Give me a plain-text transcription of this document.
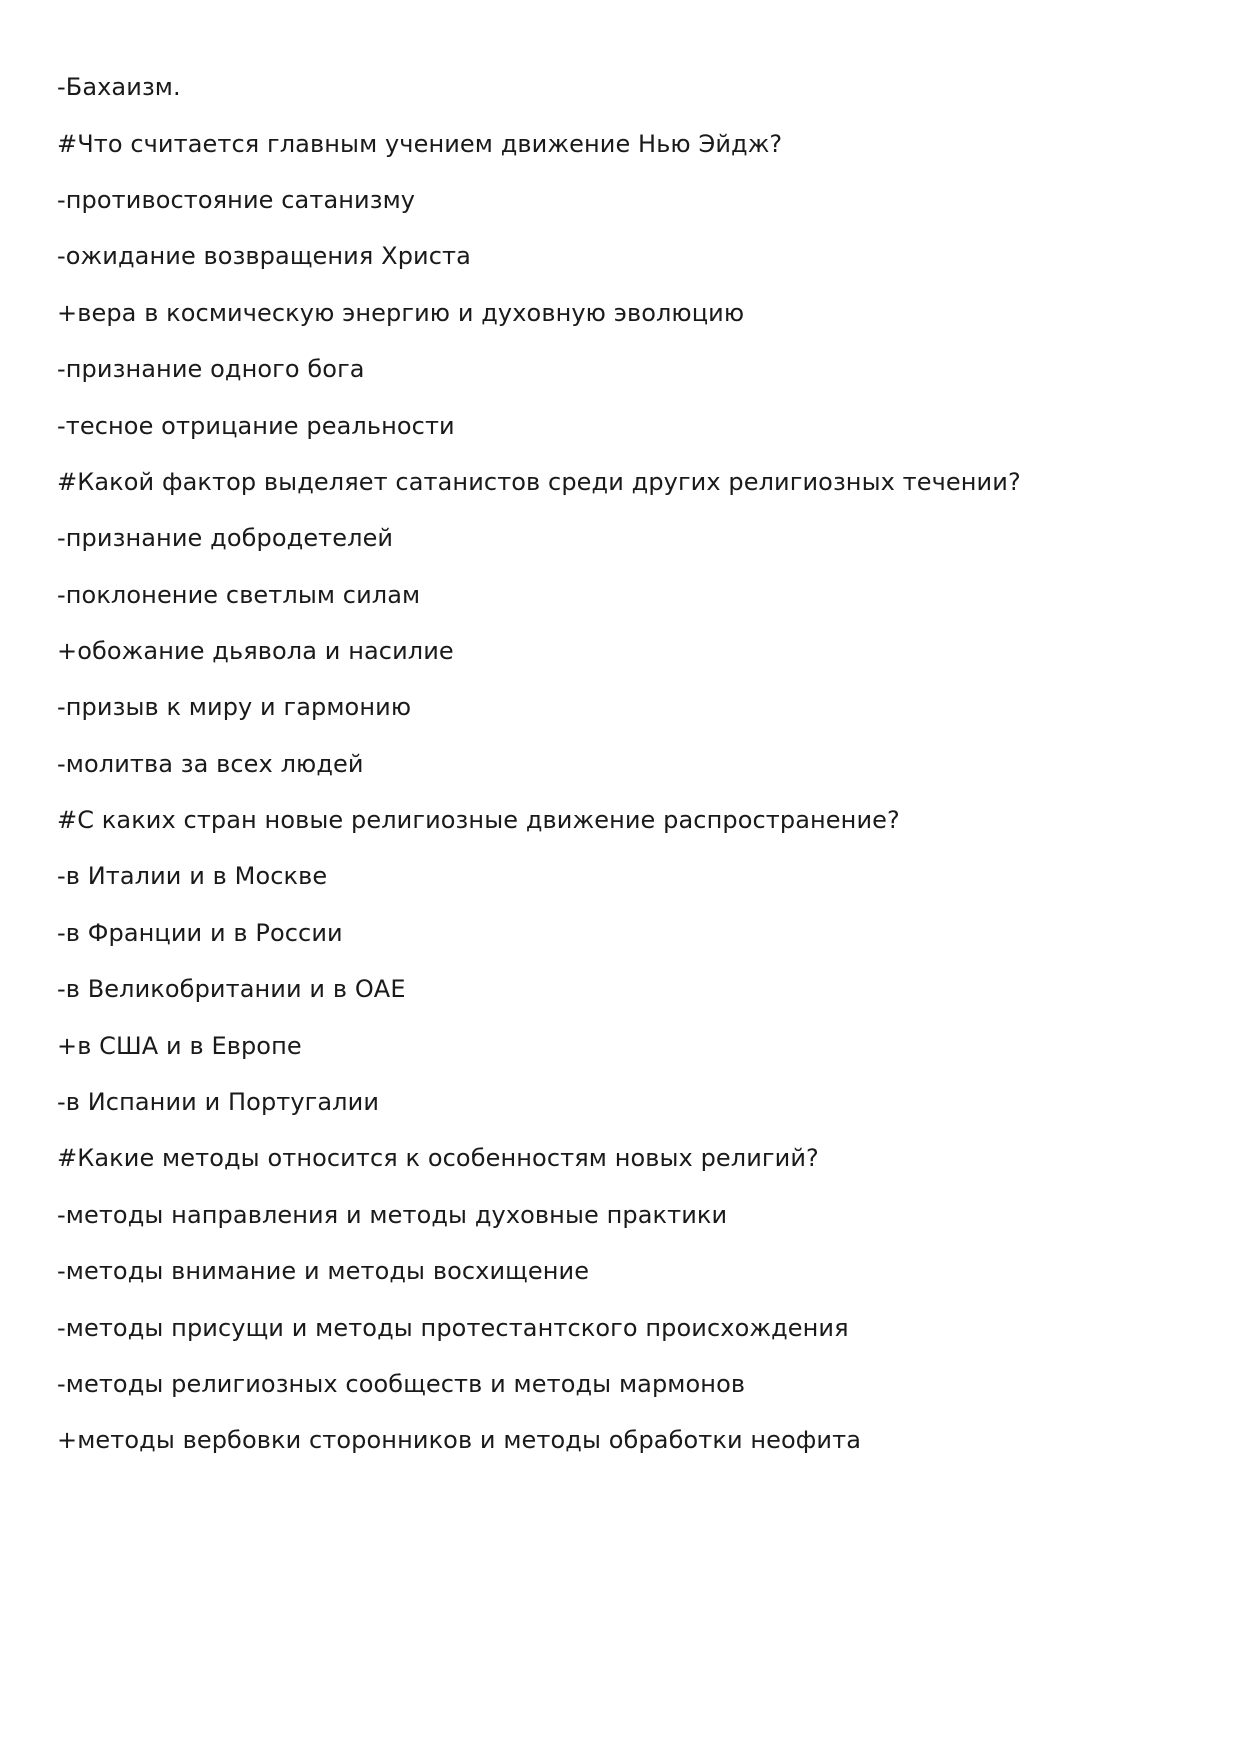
-Бахаизм.
#Что считается главным учением движение Нью Эйдж?
-противостояние сатанизму
-ожидание возвращения Христа
+вера в космическую энергию и духовную эволюцию
-признание одного бога
-тесное отрицание реальности
#Какой фактор выделяет сатанистов среди других религиозных течении?
-признание добродетелей
-поклонение светлым силам
+обожание дьявола и насилие
-призыв к миру и гармонию
-молитва за всех людей
#С каких стран новые религиозные движение распространение?
-в Италии и в Москве
-в Франции и в России
-в Великобритании и в ОАЕ
+в США и в Европе
-в Испании и Португалии
#Какие методы относится к особенностям новых религий?
-методы направления и методы духовные практики
-методы внимание и методы восхищение
-методы присущи и методы протестантского происхождения
-методы религиозных сообществ и методы мармонов
+методы вербовки сторонников и методы обработки неофита
